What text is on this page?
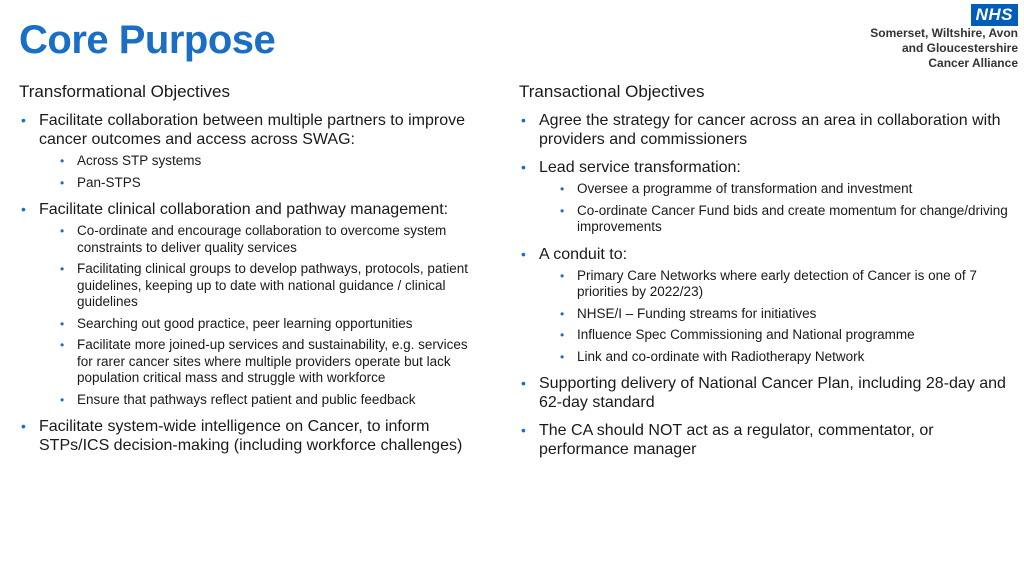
Core Purpose
NHS
Somerset, Wiltshire, Avon
and Gloucestershire
Cancer Alliance
Transformational Objectives
• Facilitate collaboration between multiple partners to improve cancer outcomes and access across SWAG:
• Across STP systems
• Pan-STPS
• Facilitate clinical collaboration and pathway management:
• Co-ordinate and encourage collaboration to overcome system constraints to deliver quality services
• Facilitating clinical groups to develop pathways, protocols, patient guidelines, keeping up to date with national guidance / clinical guidelines
• Searching out good practice, peer learning opportunities
• Facilitate more joined-up services and sustainability, e.g. services for rarer cancer sites where multiple providers operate but lack population critical mass and struggle with workforce
• Ensure that pathways reflect patient and public feedback
• Facilitate system-wide intelligence on Cancer, to inform STPs/ICS decision-making (including workforce challenges)
Transactional Objectives
• Agree the strategy for cancer across an area in collaboration with providers and commissioners
• Lead service transformation:
• Oversee a programme of transformation and investment
• Co-ordinate Cancer Fund bids and create momentum for change/driving improvements
• A conduit to:
• Primary Care Networks where early detection of Cancer is one of 7 priorities by 2022/23)
• NHSE/I – Funding streams for initiatives
• Influence Spec Commissioning and National programme
• Link and co-ordinate with Radiotherapy Network
• Supporting delivery of National Cancer Plan, including 28-day and 62-day standard
• The CA should NOT act as a regulator, commentator, or performance manager
